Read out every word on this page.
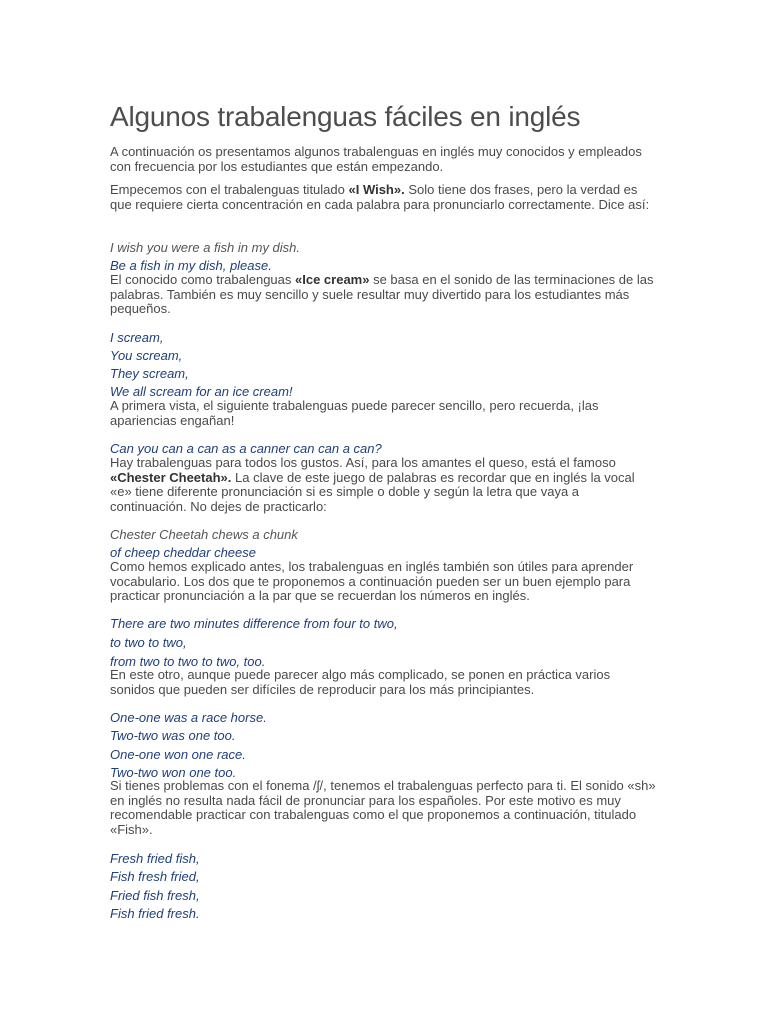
Algunos trabalenguas fáciles en inglés

A continuación os presentamos algunos trabalenguas en inglés muy conocidos y empleados con frecuencia por los estudiantes que están empezando.

Empecemos con el trabalenguas titulado «I Wish». Solo tiene dos frases, pero la verdad es que requiere cierta concentración en cada palabra para pronunciarlo correctamente. Dice así:

I wish you were a fish in my dish.

Be a fish in my dish, please.

El conocido como trabalenguas «Ice cream» se basa en el sonido de las terminaciones de las palabras. También es muy sencillo y suele resultar muy divertido para los estudiantes más pequeños.

I scream,

You scream,

They scream,

We all scream for an ice cream!

A primera vista, el siguiente trabalenguas puede parecer sencillo, pero recuerda, ¡las apariencias engañan!

Can you can a can as a canner can can a can?

Hay trabalenguas para todos los gustos. Así, para los amantes el queso, está el famoso «Chester Cheetah». La clave de este juego de palabras es recordar que en inglés la vocal «e» tiene diferente pronunciación si es simple o doble y según la letra que vaya a continuación. No dejes de practicarlo:

Chester Cheetah chews a chunk

of cheep cheddar cheese

Como hemos explicado antes, los trabalenguas en inglés también son útiles para aprender vocabulario. Los dos que te proponemos a continuación pueden ser un buen ejemplo para practicar pronunciación a la par que se recuerdan los números en inglés.

There are two minutes difference from four to two,

to two to two,

from two to two to two, too.

En este otro, aunque puede parecer algo más complicado, se ponen en práctica varios sonidos que pueden ser difíciles de reproducir para los más principiantes.

One-one was a race horse.

Two-two was one too.

One-one won one race.

Two-two won one too.

Si tienes problemas con el fonema /ʃ/, tenemos el trabalenguas perfecto para ti. El sonido «sh» en inglés no resulta nada fácil de pronunciar para los españoles. Por este motivo es muy recomendable practicar con trabalenguas como el que proponemos a continuación, titulado «Fish».

Fresh fried fish,

Fish fresh fried,

Fried fish fresh,

Fish fried fresh.
